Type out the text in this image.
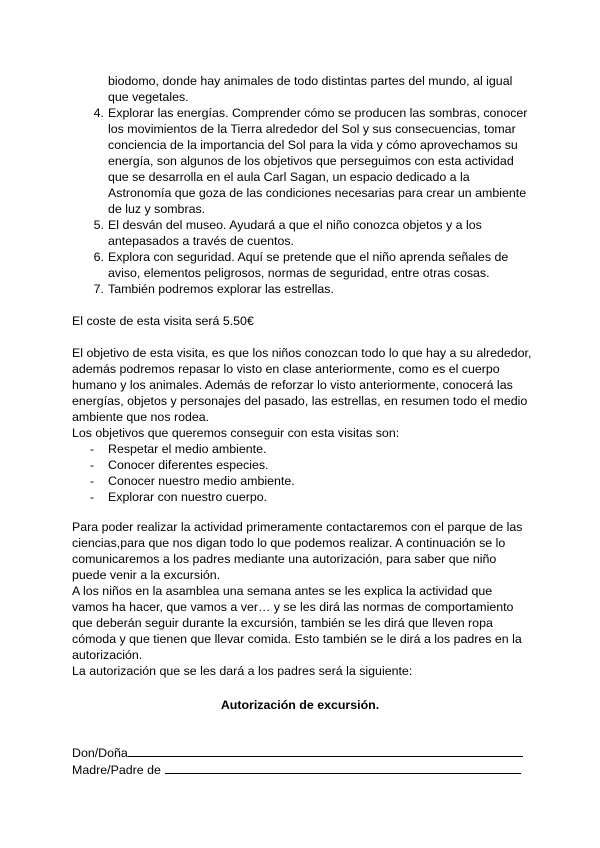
biodomo, donde hay animales de todo distintas partes del mundo, al igual que vegetales.

4. Explorar las energías. Comprender cómo se producen las sombras, conocer los movimientos de la Tierra alrededor del Sol y sus consecuencias, tomar conciencia de la importancia del Sol para la vida y cómo aprovechamos su energía, son algunos de los objetivos que perseguimos con esta actividad que se desarrolla en el aula Carl Sagan, un espacio dedicado a la Astronomía que goza de las condiciones necesarias para crear un ambiente de luz y sombras.

5. El desván del museo. Ayudará a que el niño conozca objetos y a los antepasados a través de cuentos.

6. Explora con seguridad. Aquí se pretende que el niño aprenda señales de aviso, elementos peligrosos, normas de seguridad, entre otras cosas.

7. También podremos explorar las estrellas.

El coste de esta visita será 5.50€

El objetivo de esta visita, es que los niños conozcan todo lo que hay a su alrededor, además podremos repasar lo visto en clase anteriormente, como es el cuerpo humano y los animales. Además de reforzar lo visto anteriormente, conocerá las energías, objetos y personajes del pasado, las estrellas, en resumen todo el medio ambiente que nos rodea.

Los objetivos que queremos conseguir con esta visitas son:

- Respetar el medio ambiente.

- Conocer diferentes especies.

- Conocer nuestro medio ambiente.

- Explorar con nuestro cuerpo.

Para poder realizar la actividad primeramente contactaremos con el parque de las ciencias,para que nos digan todo lo que podemos realizar. A continuación se lo comunicaremos a los padres mediante una autorización, para saber que niño puede venir a la excursión.

A los niños en la asamblea una semana antes se les explica la actividad que vamos ha hacer, que vamos a ver… y se les dirá las normas de comportamiento que deberán seguir durante la excursión, también se les dirá que lleven ropa cómoda y que tienen que llevar comida. Esto también se le dirá a los padres en la autorización.

La autorización que se les dará a los padres será la siguiente:

Autorización de excursión.
Don/Doña
Madre/Padre de
